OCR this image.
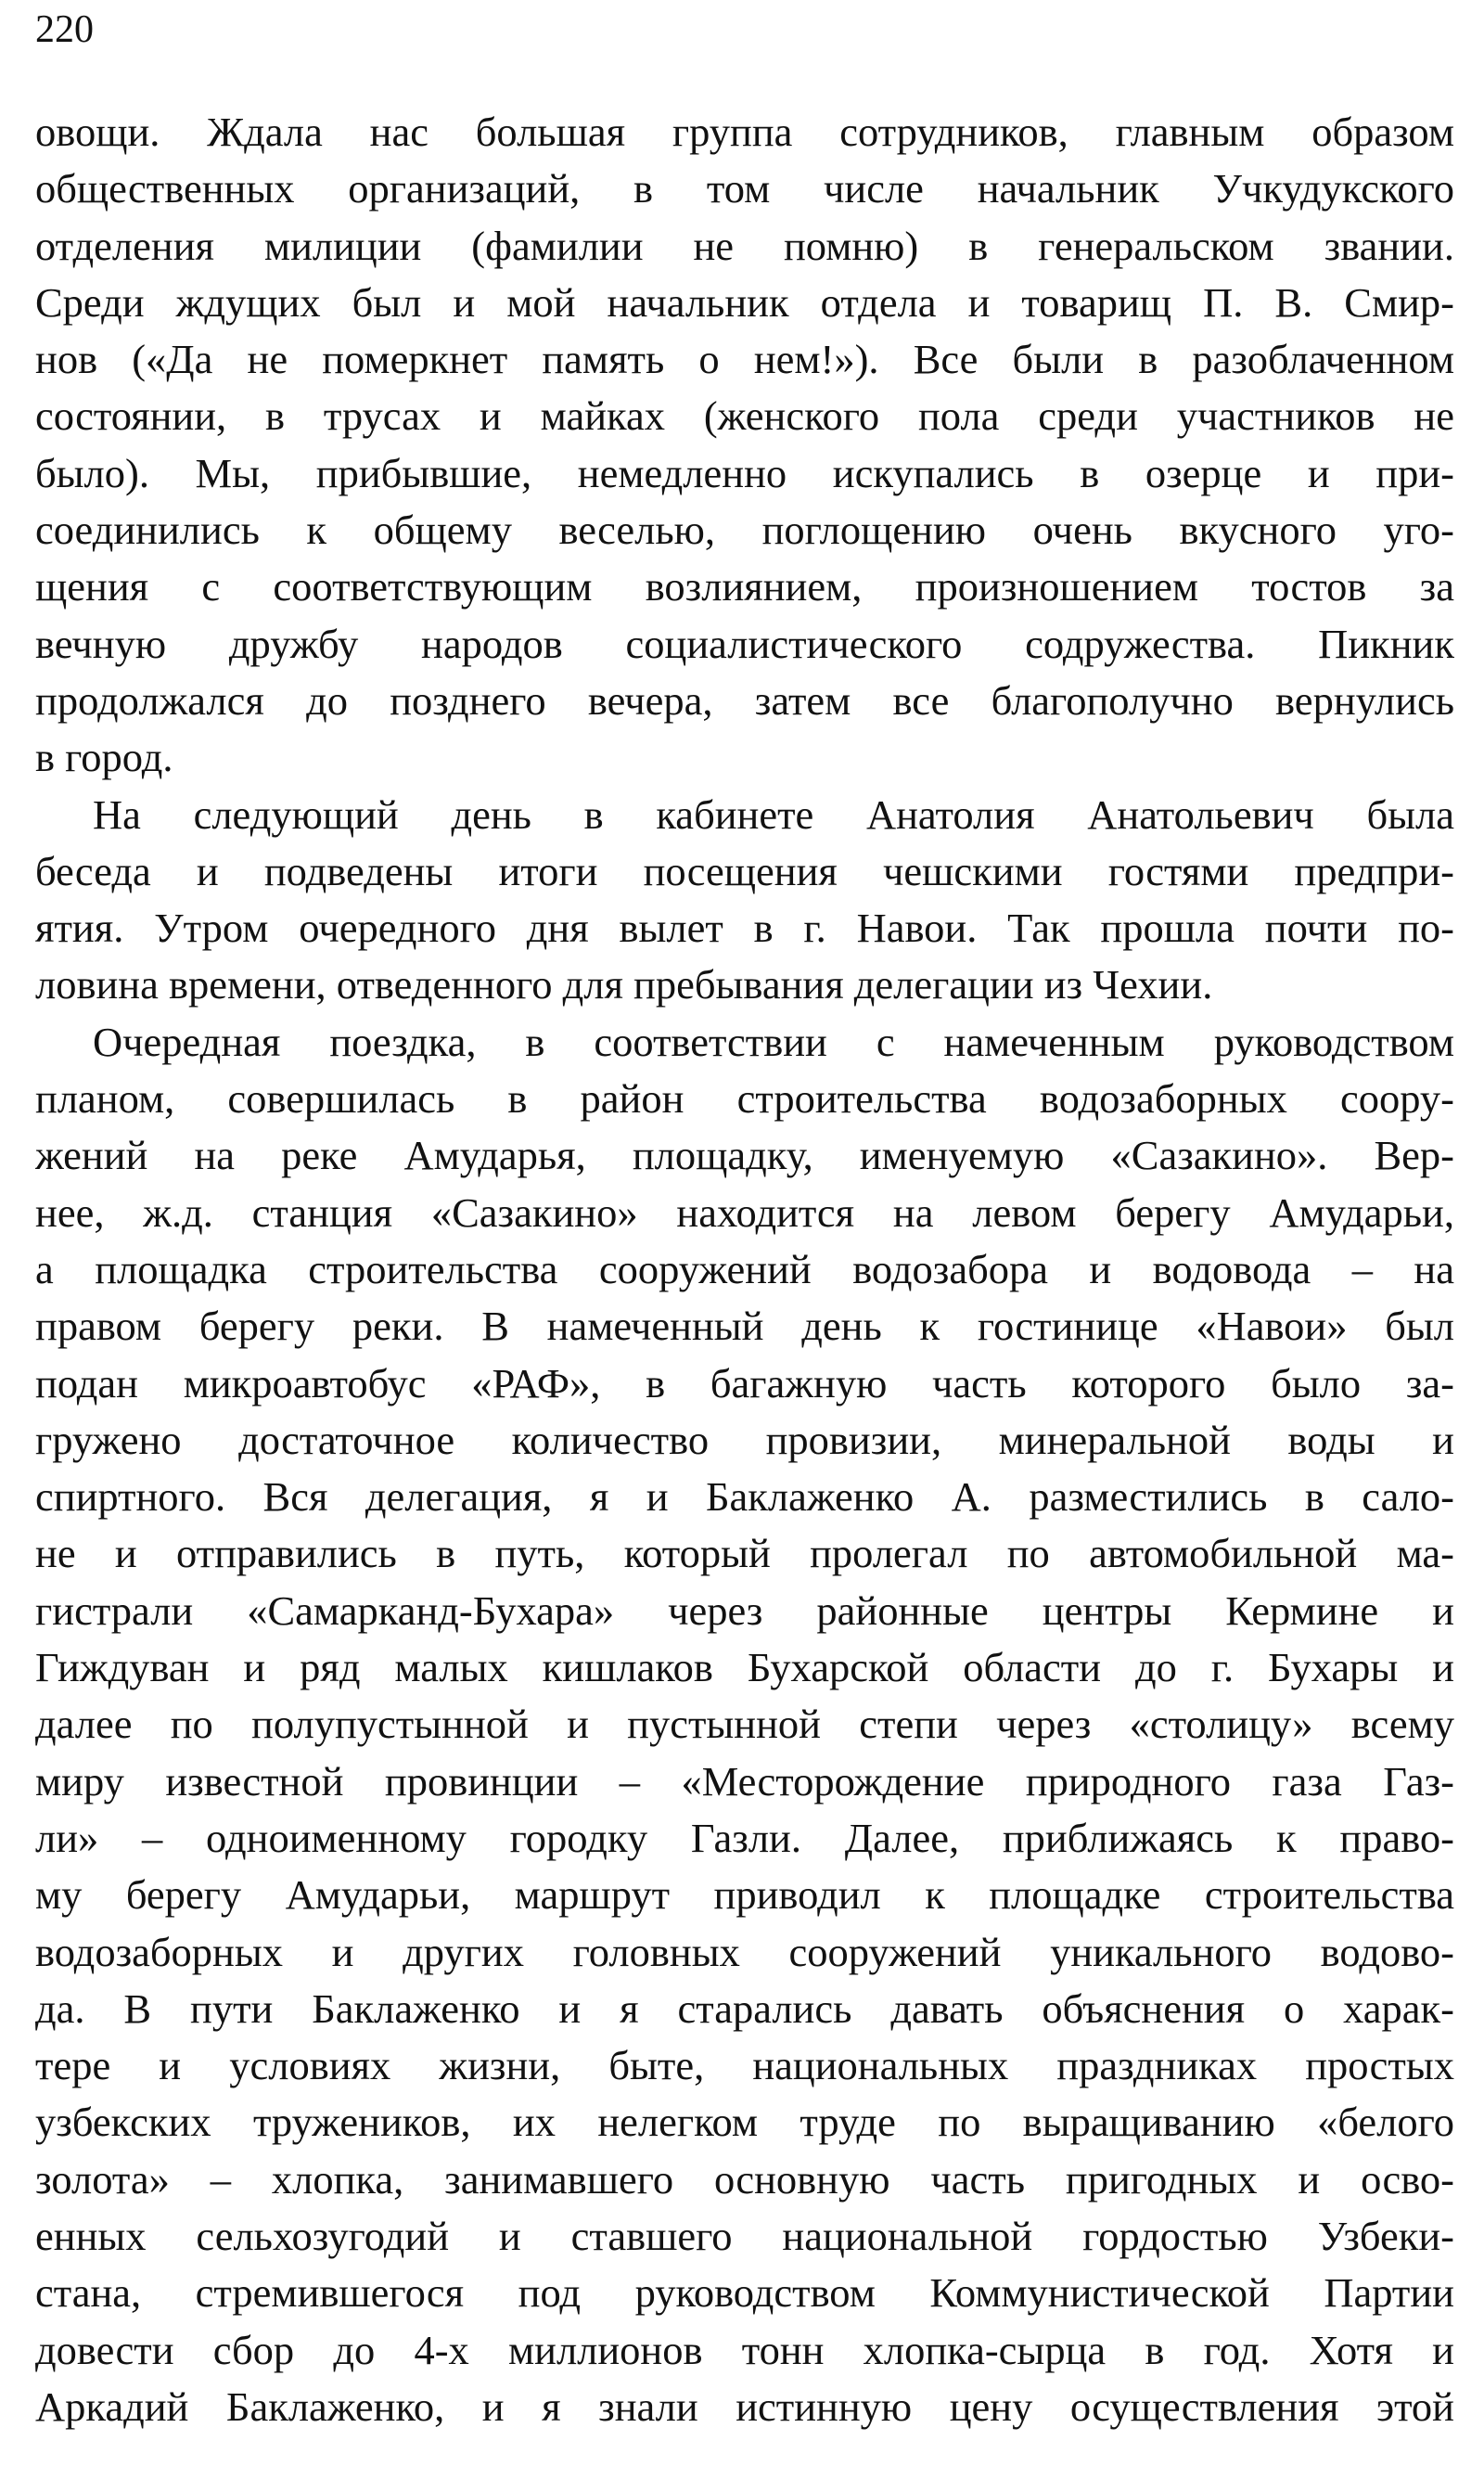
220

овощи. Ждала нас большая группа сотрудников, главным образом
общественных организаций, в том числе начальник Учкудукского
отделения милиции (фамилии не помню) в генеральском звании.
Среди ждущих был и мой начальник отдела и товарищ П. В. Смир-
нов («Да не померкнет память о нем!»). Все были в разоблаченном
состоянии, в трусах и майках (женского пола среди участников не
было). Мы, прибывшие, немедленно искупались в озерце и при-
соединились к общему веселью, поглощению очень вкусного уго-
щения с соответствующим возлиянием, произношением тостов за
вечную дружбу народов социалистического содружества. Пикник
продолжался до позднего вечера, затем все благополучно вернулись
в город.
На следующий день в кабинете Анатолия Анатольевич была
беседа и подведены итоги посещения чешскими гостями предпри-
ятия. Утром очередного дня вылет в г. Навои. Так прошла почти по-
ловина времени, отведенного для пребывания делегации из Чехии.
Очередная поездка, в соответствии с намеченным руководством
планом, совершилась в район строительства водозаборных соору-
жений на реке Амударья, площадку, именуемую «Сазакино». Вер-
нее, ж.д. станция «Сазакино» находится на левом берегу Амударьи,
а площадка строительства сооружений водозабора и водовода – на
правом берегу реки. В намеченный день к гостинице «Навои» был
подан микроавтобус «РАФ», в багажную часть которого было за-
гружено достаточное количество провизии, минеральной воды и
спиртного. Вся делегация, я и Баклаженко А. разместились в сало-
не и отправились в путь, который пролегал по автомобильной ма-
гистрали «Самарканд-Бухара» через районные центры Кермине и
Гиждуван и ряд малых кишлаков Бухарской области до г. Бухары и
далее по полупустынной и пустынной степи через «столицу» всему
миру известной провинции – «Месторождение природного газа Газ-
ли» – одноименному городку Газли. Далее, приближаясь к право-
му берегу Амударьи, маршрут приводил к площадке строительства
водозаборных и других головных сооружений уникального водово-
да. В пути Баклаженко и я старались давать объяснения о харак-
тере и условиях жизни, быте, национальных праздниках простых
узбекских тружеников, их нелегком труде по выращиванию «белого
золота» – хлопка, занимавшего основную часть пригодных и осво-
енных сельхозугодий и ставшего национальной гордостью Узбеки-
стана, стремившегося под руководством Коммунистической Партии
довести сбор до 4-х миллионов тонн хлопка-сырца в год. Хотя и
Аркадий Баклаженко, и я знали истинную цену осуществления этой
